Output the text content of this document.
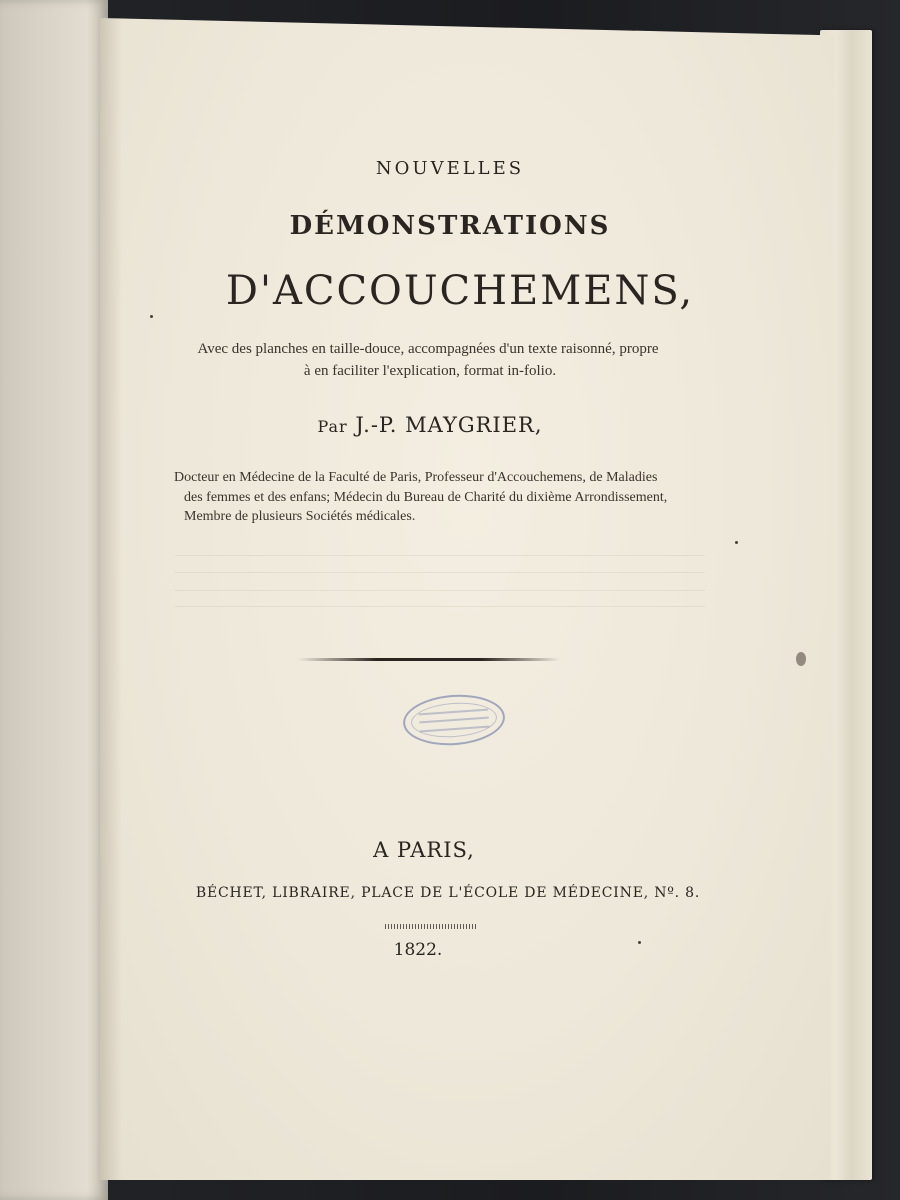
NOUVELLES
DÉMONSTRATIONS
D'ACCOUCHEMENS,
Avec des planches en taille-douce, accompagnées d'un texte raisonné, propre
à en faciliter l'explication, format in-folio.
Par J.-P. MAYGRIER,
Docteur en Médecine de la Faculté de Paris, Professeur d'Accouchemens, de Maladies
des femmes et des enfans; Médecin du Bureau de Charité du dixième Arrondissement,
Membre de plusieurs Sociétés médicales.
A PARIS,
BÉCHET, LIBRAIRE, PLACE DE L'ÉCOLE DE MÉDECINE, Nº. 8.
1822.
